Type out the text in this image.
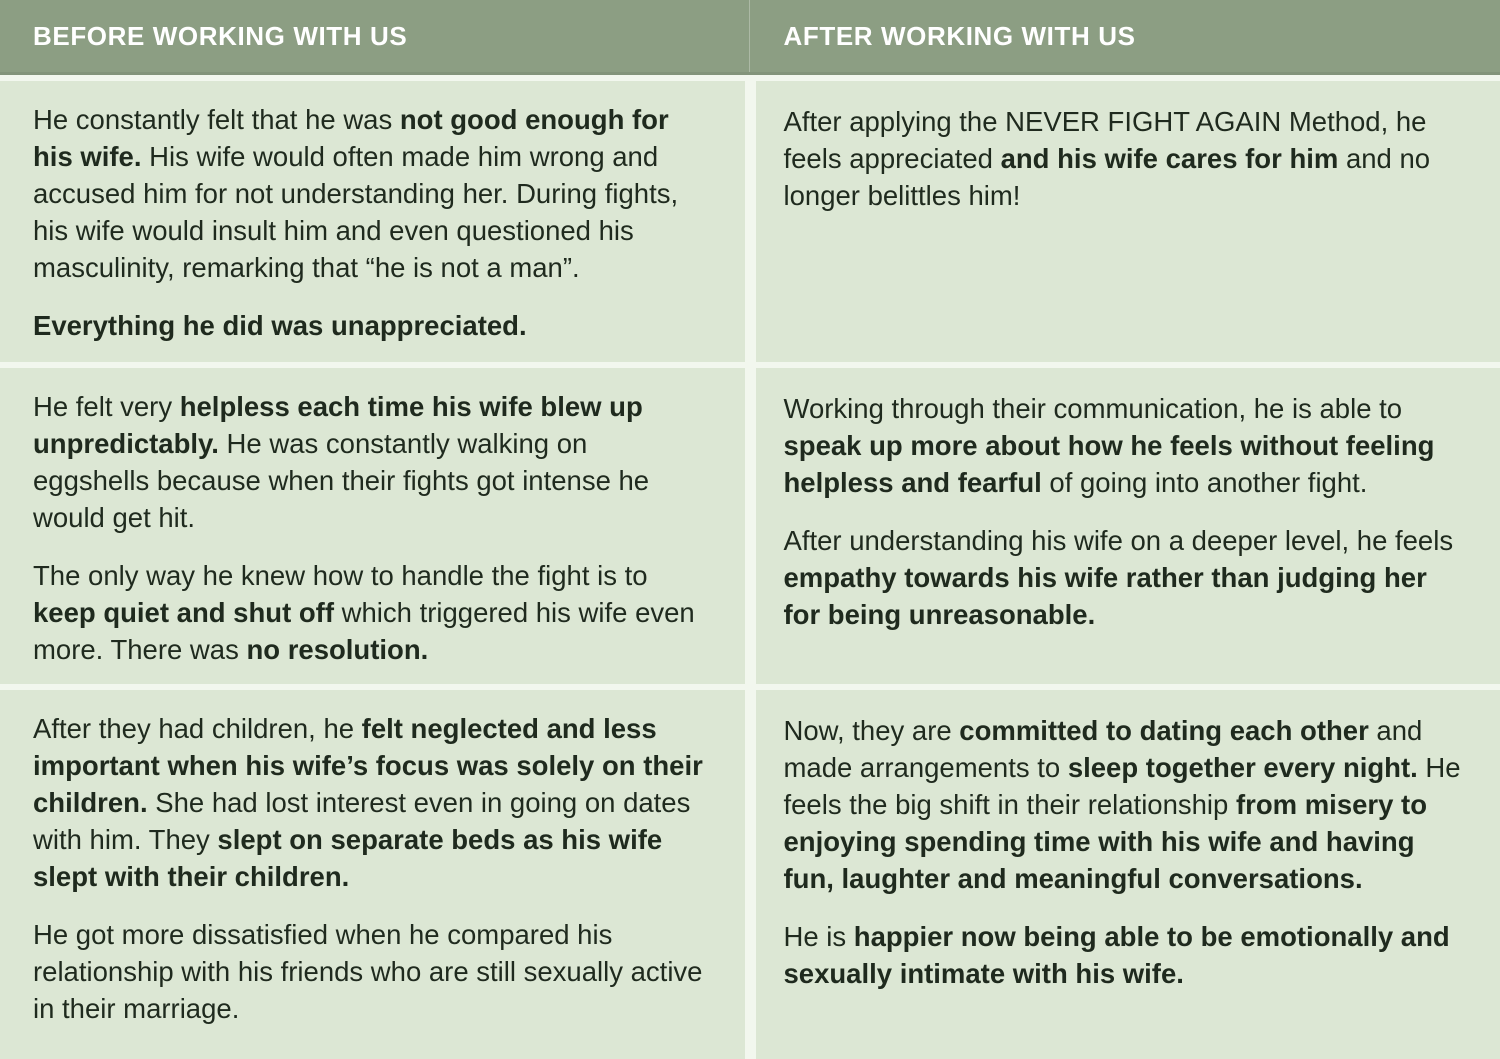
BEFORE WORKING WITH US	AFTER WORKING WITH US

He constantly felt that he was not good enough for his wife. His wife would often made him wrong and accused him for not understanding her. During fights, his wife would insult him and even questioned his masculinity, remarking that “he is not a man”.

Everything he did was unappreciated.

After applying the NEVER FIGHT AGAIN Method, he feels appreciated and his wife cares for him and no longer belittles him!

He felt very helpless each time his wife blew up unpredictably. He was constantly walking on eggshells because when their fights got intense he would get hit.

The only way he knew how to handle the fight is to keep quiet and shut off which triggered his wife even more. There was no resolution.

Working through their communication, he is able to speak up more about how he feels without feeling helpless and fearful of going into another fight.

After understanding his wife on a deeper level, he feels empathy towards his wife rather than judging her for being unreasonable.

After they had children, he felt neglected and less important when his wife’s focus was solely on their children. She had lost interest even in going on dates with him. They slept on separate beds as his wife slept with their children.

He got more dissatisfied when he compared his relationship with his friends who are still sexually active in their marriage.

Now, they are committed to dating each other and made arrangements to sleep together every night. He feels the big shift in their relationship from misery to enjoying spending time with his wife and having fun, laughter and meaningful conversations.

He is happier now being able to be emotionally and sexually intimate with his wife.
